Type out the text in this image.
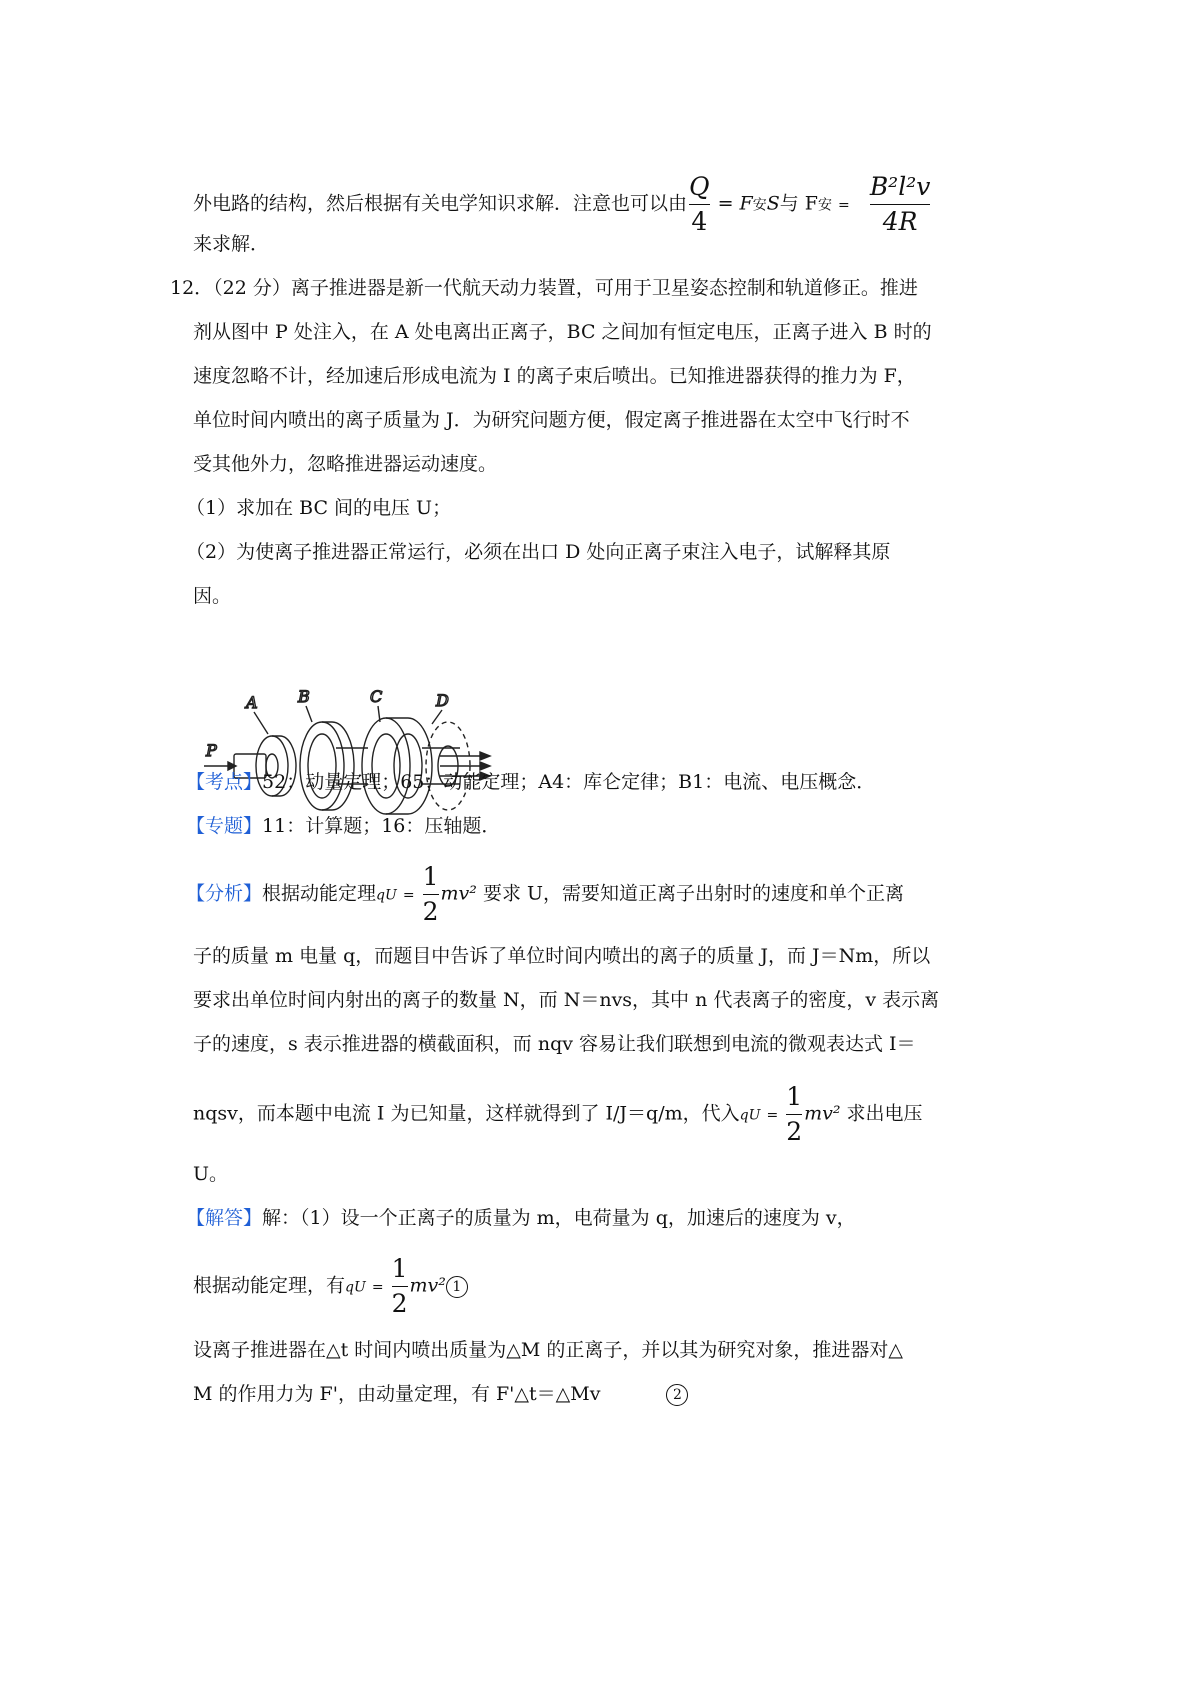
外电路的结构，然后根据有关电学知识求解．注意也可以由 $\frac{Q}{4} = F$安S与 F安 = $\frac{\text{B²l²v}}{4R}$
来求解．
12．（22 分）离子推进器是新一代航天动力装置，可用于卫星姿态控制和轨道修正。推进
剂从图中 P 处注入，在 A 处电离出正离子，BC 之间加有恒定电压，正离子进入 B 时的
速度忽略不计，经加速后形成电流为 I 的离子束后喷出。已知推进器获得的推力为 F，
单位时间内喷出的离子质量为 J．为研究问题方便，假定离子推进器在太空中飞行时不
受其他外力，忽略推进器运动速度。
（1）求加在 BC 间的电压 U；
（2）为使离子推进器正常运行，必须在出口 D 处向正离子束注入电子，试解释其原
因。
A	B	C	D
P
【考点】52：动量定理；65：动能定理；A4：库仑定律；B1：电流、电压概念．
【专题】11：计算题；16：压轴题．
【分析】根据动能定理qU = $\frac{1}{2} mv^2$ 要求 U，需要知道正离子出射时的速度和单个正离
子的质量 m 电量 q，而题目中告诉了单位时间内喷出的离子的质量 J，而 J＝Nm，所以
要求出单位时间内射出的离子的数量 N，而 N＝nvs，其中 n 代表离子的密度，v 表示离
子的速度，s 表示推进器的横截面积，而 nqv 容易让我们联想到电流的微观表达式 I＝
nqsv，而本题中电流 I 为已知量，这样就得到了 I/J＝q/m，代入qU = $\frac{1}{2} mv^2$ 求出电压
U。
【解答】解：（1）设一个正离子的质量为 m，电荷量为 q，加速后的速度为 v，
根据动能定理，有qU = $\frac{1}{2} mv^2$ 1
设离子推进器在△t 时间内喷出质量为△M 的正离子，并以其为研究对象，推进器对△
M 的作用力为 F'，由动量定理，有 F'△t＝△Mv	2
